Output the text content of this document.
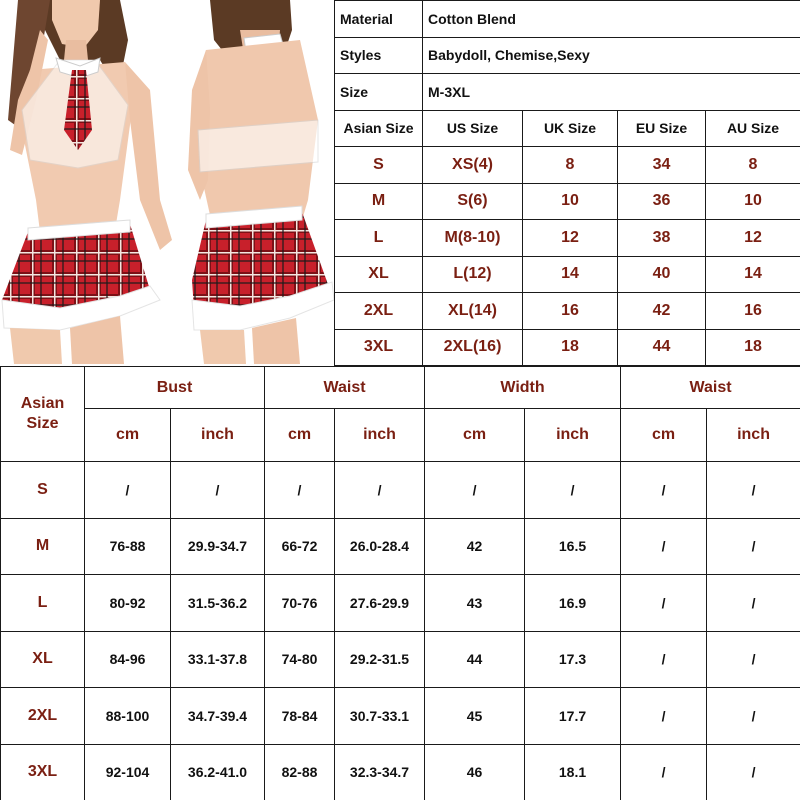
Material	Cotton Blend			
Styles	Babydoll, Chemise,Sexy			
Size	M-3XL			
Asian Size	US Size	UK Size	EU Size	AU Size
S	XS(4)	8	34	8
M	S(6)	10	36	10
L	M(8-10)	12	38	12
XL	L(12)	14	40	14
2XL	XL(14)	16	42	16
3XL	2XL(16)	18	44	18
Asian
Size	Bust		Waist		Width		Waist	
	cm	inch	cm	inch	cm	inch	cm	inch
S	/	/	/	/	/	/	/	/
M	76-88	29.9-34.7	66-72	26.0-28.4	42	16.5	/	/
L	80-92	31.5-36.2	70-76	27.6-29.9	43	16.9	/	/
XL	84-96	33.1-37.8	74-80	29.2-31.5	44	17.3	/	/
2XL	88-100	34.7-39.4	78-84	30.7-33.1	45	17.7	/	/
3XL	92-104	36.2-41.0	82-88	32.3-34.7	46	18.1	/	/
